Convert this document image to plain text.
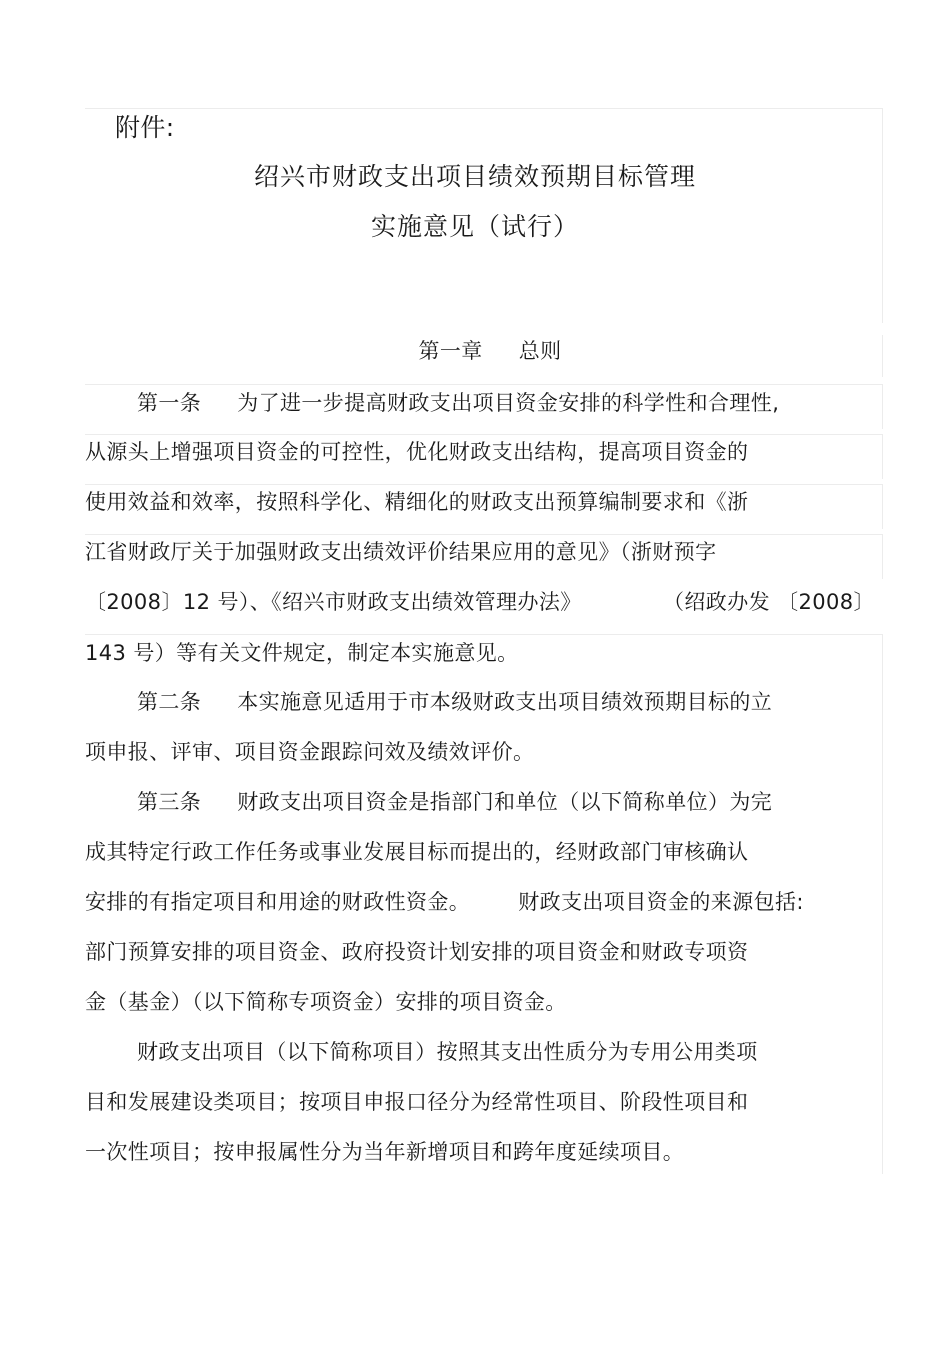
附件:
绍兴市财政支出项目绩效预期目标管理
实施意见（试行）
第一章 总则
第一条 为了进一步提高财政支出项目资金安排的科学性和合理性,
从源头上增强项目资金的可控性，优化财政支出结构，提高项目资金的
使用效益和效率，按照科学化、精细化的财政支出预算编制要求和《浙
江省财政厅关于加强财政支出绩效评价结果应用的意见》（浙财预字
〔2008〕12 号）、《绍兴市财政支出绩效管理办法》	（绍政办发 〔2008〕
143 号）等有关文件规定，制定本实施意见。
第二条 本实施意见适用于市本级财政支出项目绩效预期目标的立
项申报、评审、项目资金跟踪问效及绩效评价。
第三条 财政支出项目资金是指部门和单位（以下简称单位）为完
成其特定行政工作任务或事业发展目标而提出的，经财政部门审核确认
安排的有指定项目和用途的财政性资金。 财政支出项目资金的来源包括:
部门预算安排的项目资金、政府投资计划安排的项目资金和财政专项资
金（基金）（以下简称专项资金）安排的项目资金。
财政支出项目（以下简称项目）按照其支出性质分为专用公用类项
目和发展建设类项目；按项目申报口径分为经常性项目、阶段性项目和
一次性项目；按申报属性分为当年新增项目和跨年度延续项目。
